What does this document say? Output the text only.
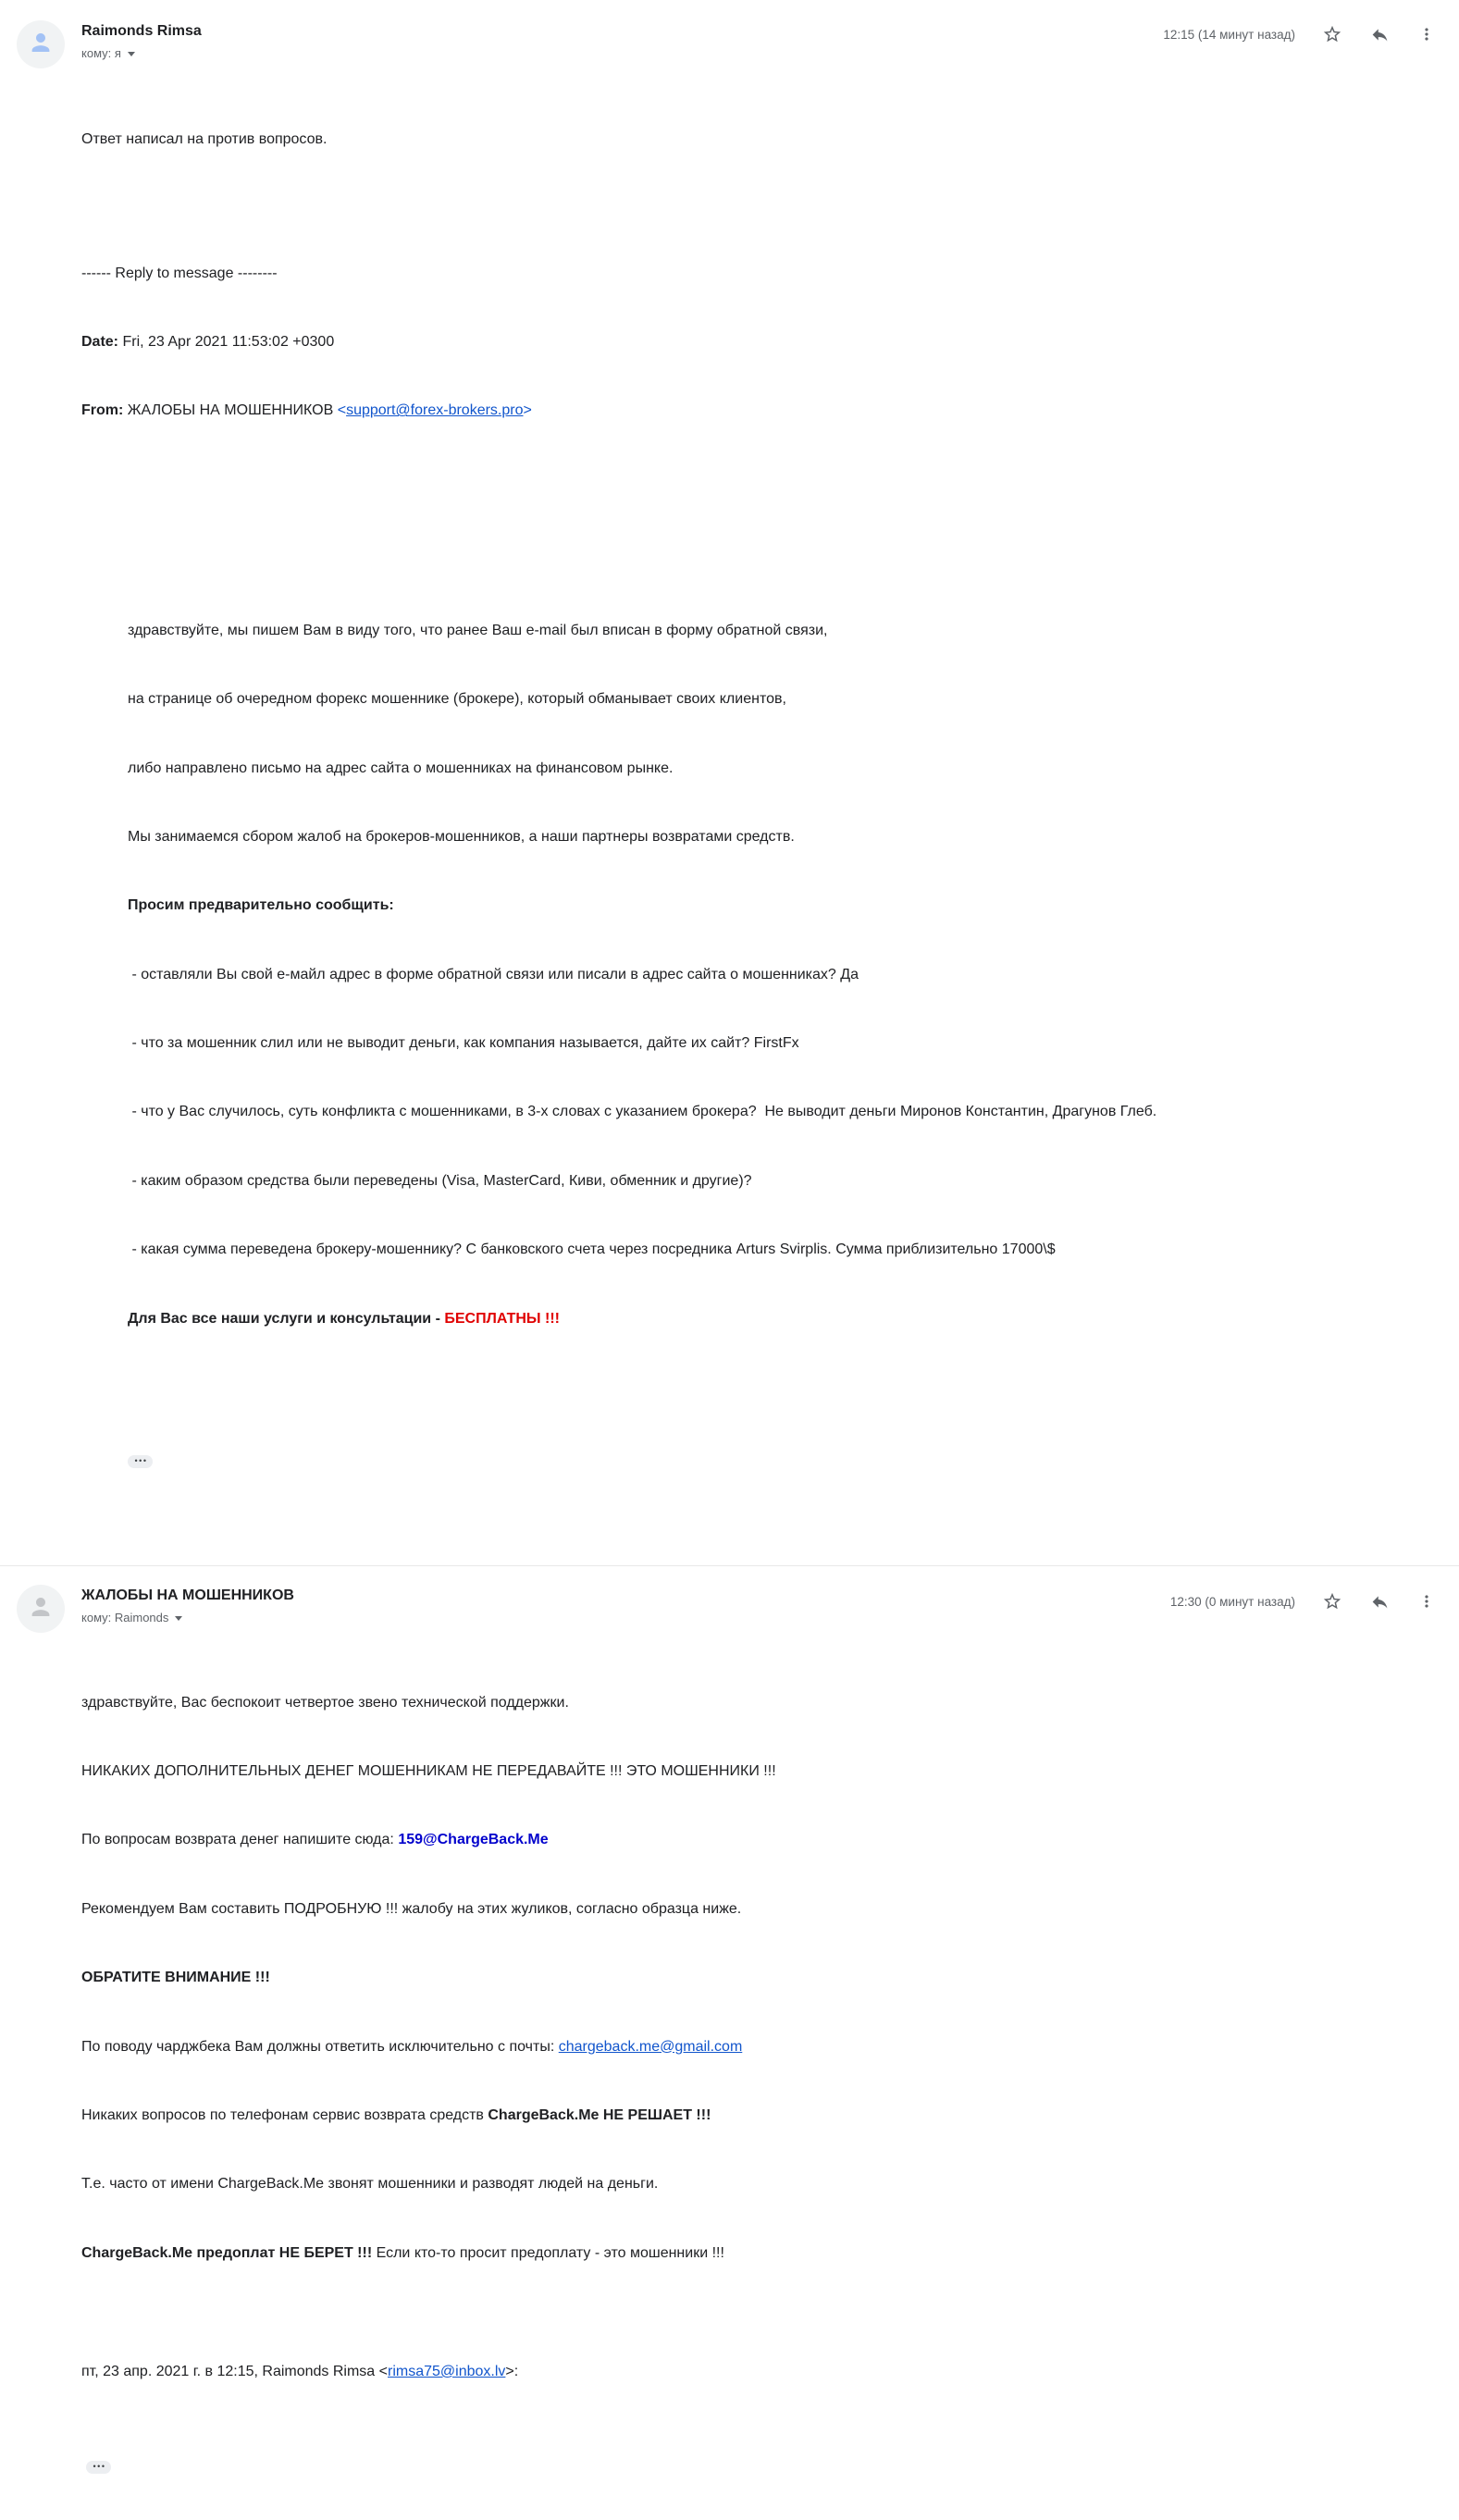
Raimonds Rimsa
кому: я
12:15 (14 минут назад)

Ответ написал на против вопросов.

------ Reply to message --------

Date: Fri, 23 Apr 2021 11:53:02 +0300

From: ЖАЛОБЫ НА МОШЕННИКОВ <support@forex-brokers.pro>

здравствуйте, мы пишем Вам в виду того, что ранее Ваш e-mail был вписан в форму обратной связи,

на странице об очередном форекс мошеннике (брокере), который обманывает своих клиентов,

либо направлено письмо на адрес сайта о мошенниках на финансовом рынке.

Мы занимаемся сбором жалоб на брокеров-мошенников, а наши партнеры возвратами средств.

Просим предварительно сообщить:

- оставляли Вы свой е-майл адрес в форме обратной связи или писали в адрес сайта о мошенниках? Да

- что за мошенник слил или не выводит деньги, как компания называется, дайте их сайт? FirstFx

- что у Вас случилось, суть конфликта с мошенниками, в 3-х словах с указанием брокера?  Не выводит деньги Миронов Константин, Драгунов Глеб.

- каким образом средства были переведены (Visa, MasterCard, Киви, обменник и другие)?

- какая сумма переведена брокеру-мошеннику? С банковского счета через посредника Arturs Svirplis. Сумма приблизительно 17000\$

Для Вас все наши услуги и консультации - БЕСПЛАТНЫ !!!

•••

ЖАЛОБЫ НА МОШЕННИКОВ
кому: Raimonds
12:30 (0 минут назад)

здравствуйте, Вас беспокоит четвертое звено технической поддержки.

НИКАКИХ ДОПОЛНИТЕЛЬНЫХ ДЕНЕГ МОШЕННИКАМ НЕ ПЕРЕДАВАЙТЕ !!! ЭТО МОШЕННИКИ !!!

По вопросам возврата денег напишите сюда: 159@ChargeBack.Me

Рекомендуем Вам составить ПОДРОБНУЮ !!! жалобу на этих жуликов, согласно образца ниже.

ОБРАТИТЕ ВНИМАНИЕ !!!

По поводу чарджбека Вам должны ответить исключительно с почты: chargeback.me@gmail.com

Никаких вопросов по телефонам сервис возврата средств ChargeBack.Me НЕ РЕШАЕТ !!!

Т.е. часто от имени ChargeBack.Me звонят мошенники и разводят людей на деньги.

ChargeBack.Me предоплат НЕ БЕРЕТ !!! Если кто-то просит предоплату - это мошенники !!!

пт, 23 апр. 2021 г. в 12:15, Raimonds Rimsa <rimsa75@inbox.lv>:

•••
